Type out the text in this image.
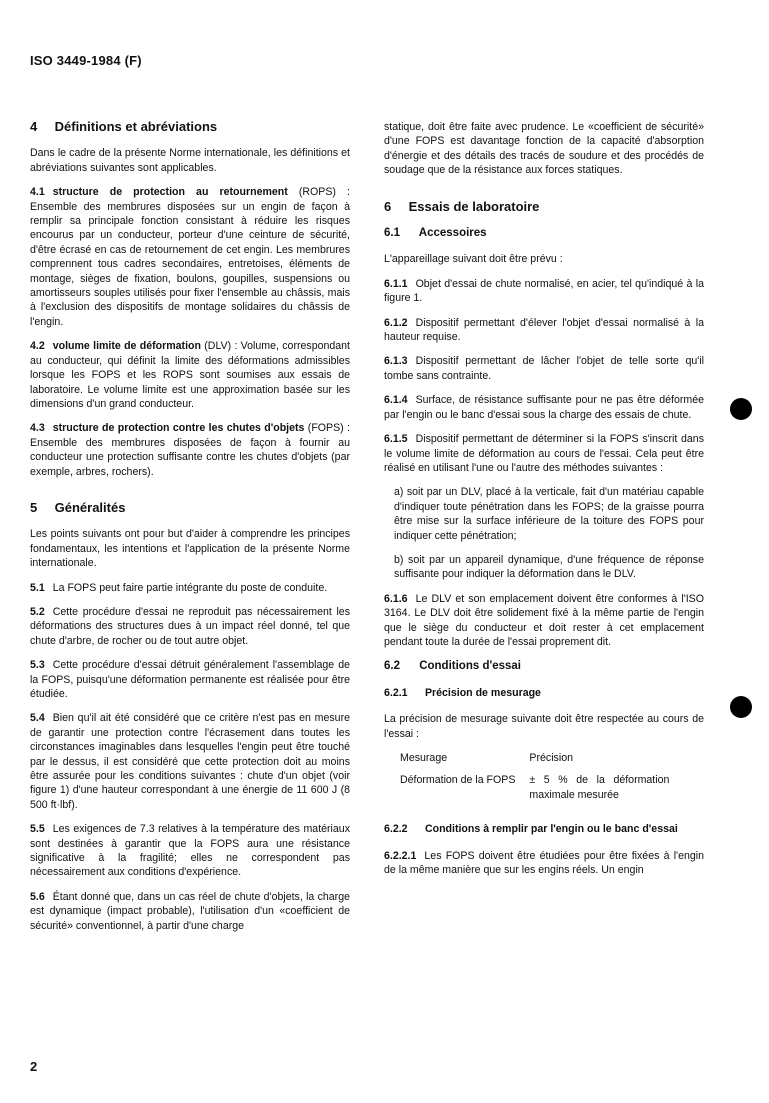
ISO 3449-1984 (F)
4 Définitions et abréviations

Dans le cadre de la présente Norme internationale, les définitions et abréviations suivantes sont applicables.

4.1 structure de protection au retournement (ROPS) : Ensemble des membrures disposées sur un engin de façon à remplir sa principale fonction consistant à réduire les risques encourus par un conducteur, porteur d'une ceinture de sécurité, d'être écrasé en cas de retournement de cet engin. Les membrures comprennent tous cadres secondaires, entretoises, éléments de montage, sièges de fixation, boulons, goupilles, suspensions ou amortisseurs souples utilisés pour fixer l'ensemble au châssis, mais à l'exclusion des dispositifs de montage solidaires du châssis de l'engin.

4.2 volume limite de déformation (DLV) : Volume, correspondant au conducteur, qui définit la limite des déformations admissibles lorsque les FOPS et les ROPS sont soumises aux essais de laboratoire. Le volume limite est une approximation basée sur les dimensions d'un grand conducteur.

4.3 structure de protection contre les chutes d'objets (FOPS) : Ensemble des membrures disposées de façon à fournir au conducteur une protection suffisante contre les chutes d'objets (par exemple, arbres, rochers).

5 Généralités

Les points suivants ont pour but d'aider à comprendre les principes fondamentaux, les intentions et l'application de la présente Norme internationale.

5.1 La FOPS peut faire partie intégrante du poste de conduite.

5.2 Cette procédure d'essai ne reproduit pas nécessairement les déformations des structures dues à un impact réel donné, tel que chute d'arbre, de rocher ou de tout autre objet.

5.3 Cette procédure d'essai détruit généralement l'assemblage de la FOPS, puisqu'une déformation permanente est réalisée pour être étudiée.

5.4 Bien qu'il ait été considéré que ce critère n'est pas en mesure de garantir une protection contre l'écrasement dans toutes les circonstances imaginables dans lesquelles l'engin peut être touché par le dessus, il est considéré que cette protection doit au moins être assurée pour les conditions suivantes : chute d'un objet (voir figure 1) d'une hauteur correspondant à une énergie de 11 600 J (8 500 ft·lbf).

5.5 Les exigences de 7.3 relatives à la température des matériaux sont destinées à garantir que la FOPS aura une résistance significative à la fragilité; elles ne correspondent pas nécessairement aux conditions d'expérience.

5.6 Étant donné que, dans un cas réel de chute d'objets, la charge est dynamique (impact probable), l'utilisation d'un «coefficient de sécurité» conventionnel, à partir d'une charge

statique, doit être faite avec prudence. Le «coefficient de sécurité» d'une FOPS est davantage fonction de la capacité d'absorption d'énergie et des détails des tracés de soudure et des procédés de soudage que de la résistance aux forces statiques.

6 Essais de laboratoire
6.1 Accessoires

L'appareillage suivant doit être prévu :

6.1.1 Objet d'essai de chute normalisé, en acier, tel qu'indiqué à la figure 1.

6.1.2 Dispositif permettant d'élever l'objet d'essai normalisé à la hauteur requise.

6.1.3 Dispositif permettant de lâcher l'objet de telle sorte qu'il tombe sans contrainte.

6.1.4 Surface, de résistance suffisante pour ne pas être déformée par l'engin ou le banc d'essai sous la charge des essais de chute.

6.1.5 Dispositif permettant de déterminer si la FOPS s'inscrit dans le volume limite de déformation au cours de l'essai. Cela peut être réalisé en utilisant l'une ou l'autre des méthodes suivantes :

a) soit par un DLV, placé à la verticale, fait d'un matériau capable d'indiquer toute pénétration dans les FOPS; de la graisse pourra être mise sur la surface inférieure de la toiture des FOPS pour indiquer cette pénétration;

b) soit par un appareil dynamique, d'une fréquence de réponse suffisante pour indiquer la déformation dans le DLV.

6.1.6 Le DLV et son emplacement doivent être conformes à l'ISO 3164. Le DLV doit être solidement fixé à la même partie de l'engin que le siège du conducteur et doit rester à cet emplacement pendant toute la durée de l'essai proprement dit.

6.2 Conditions d'essai
6.2.1 Précision de mesurage

La précision de mesurage suivante doit être respectée au cours de l'essai :

Mesurage	Précision
Déformation de la FOPS	± 5 % de la déformation maximale mesurée
6.2.2 Conditions à remplir par l'engin ou le banc d'essai

6.2.2.1 Les FOPS doivent être étudiées pour être fixées à l'engin de la même manière que sur les engins réels. Un engin

2
